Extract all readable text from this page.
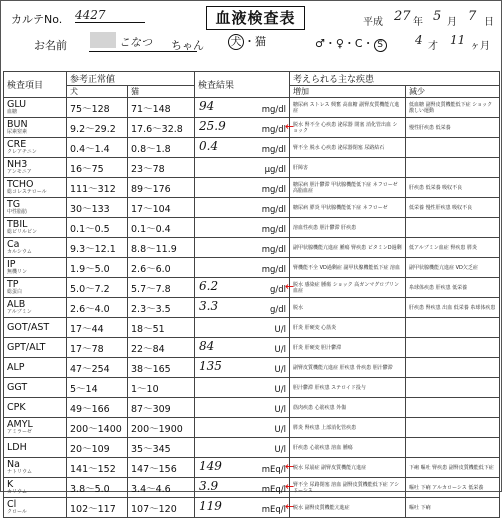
カルテNo. 4427	血液検査表	平成 27 年 5 月 7 日
お名前	こなつ ちゃん 犬 ・猫	♂・♀・C・ S	4 才 11 ヶ月
検査項目	参考正常値		検査結果	考えられる主な疾患	
	犬	猫		増加	減少

GLU
血糖	75～128	71～148	94 mg/dl	糖尿病 ストレス 興奮 高血糖 副腎皮質機能亢進症	低血糖 副腎皮質機能低下症 ショック 激しい運動

BUN
尿素窒素	9.2～29.2	17.6～32.8	25.9 mg/dl ←	脱水 腎不全 心疾患 泌尿器 閉塞 消化管出血 ショック	慢性肝疾患 低栄養

CRE
クレアチニン	0.4～1.4	0.8～1.8	0.4 mg/dl	腎不全 脱水 心疾患 泌尿器閉塞 尿路結石	

NH3
アンモニア	16～75	23～78	μg/dl	肝障害	

TCHO
総コレステロール	111～312	89～176	mg/dl	糖尿病 胆汁鬱滞 甲状腺機能低下症 ネフローゼ 高脂血症	肝疾患 低栄養 吸収不良

TG
中性脂肪	30～133	17～104	mg/dl	糖尿病 膵炎 甲状腺機能低下症 ネフローゼ	低栄養 慢性肝疾患 吸収不良

TBIL
総ビリルビン	0.1～0.5	0.1～0.4	mg/dl	溶血性疾患 胆汁鬱滞 肝疾患	

Ca
カルシウム	9.3～12.1	8.8～11.9	mg/dl	副甲状腺機能亢進症 腫瘍 腎疾患 ビタミンD過剰	低アルブミン血症 腎疾患 膵炎

IP
無機リン	1.9～5.0	2.6～6.0	mg/dl	腎機能不全 VD過剰症 副甲状腺機能低下症 溶血	副甲状腺機能亢進症 VD欠乏症

TP
総蛋白	5.0～7.2	5.7～7.8	6.2 g/dl ←	脱水 感染症 腫瘍 ショック 高ガンマグロブリン血症	糸球体疾患 肝疾患 低栄養

ALB
アルブミン	2.6～4.0	2.3～3.5	3.3 g/dl	脱水	肝疾患 腎疾患 出血 低栄養 糸球体疾患

GOT/AST	17～44	18～51	U/l	肝炎 肝硬変 心筋炎	

GPT/ALT	17～78	22～84	84 U/l	肝炎 肝硬変 胆汁鬱滞	

ALP	47～254	38～165	135 U/l	副腎皮質機能亢進症 肝疾患 骨疾患 胆汁鬱滞	

GGT	5～14	1～10	U/l	胆汁鬱滞 肝疾患 ステロイド投与	

CPK	49～166	87～309	U/l	筋肉疾患 心筋疾患 外傷	

AMYL
アミラーゼ	200～1400	200～1900	U/l	膵炎 腎疾患 上部消化管疾患	

LDH	20～109	35～345	U/l	肝疾患 心筋疾患 溶血 腫瘍	

Na
ナトリウム	141～152	147～156	149 mEq/l ←	脱水 尿崩症 副腎皮質機能亢進症	下痢 嘔吐 腎疾患 副腎皮質機能低下症

K
カリウム	3.8～5.0	3.4～4.6	3.9 mEq/l ←	腎不全 尿路閉塞 溶血 副腎皮質機能低下症 アシドーシス	嘔吐 下痢 アルカローシス 低栄養

Cl
クロール	102～117	107～120	119 mEq/l ←	脱水 副腎皮質機能亢進症	嘔吐 下痢
